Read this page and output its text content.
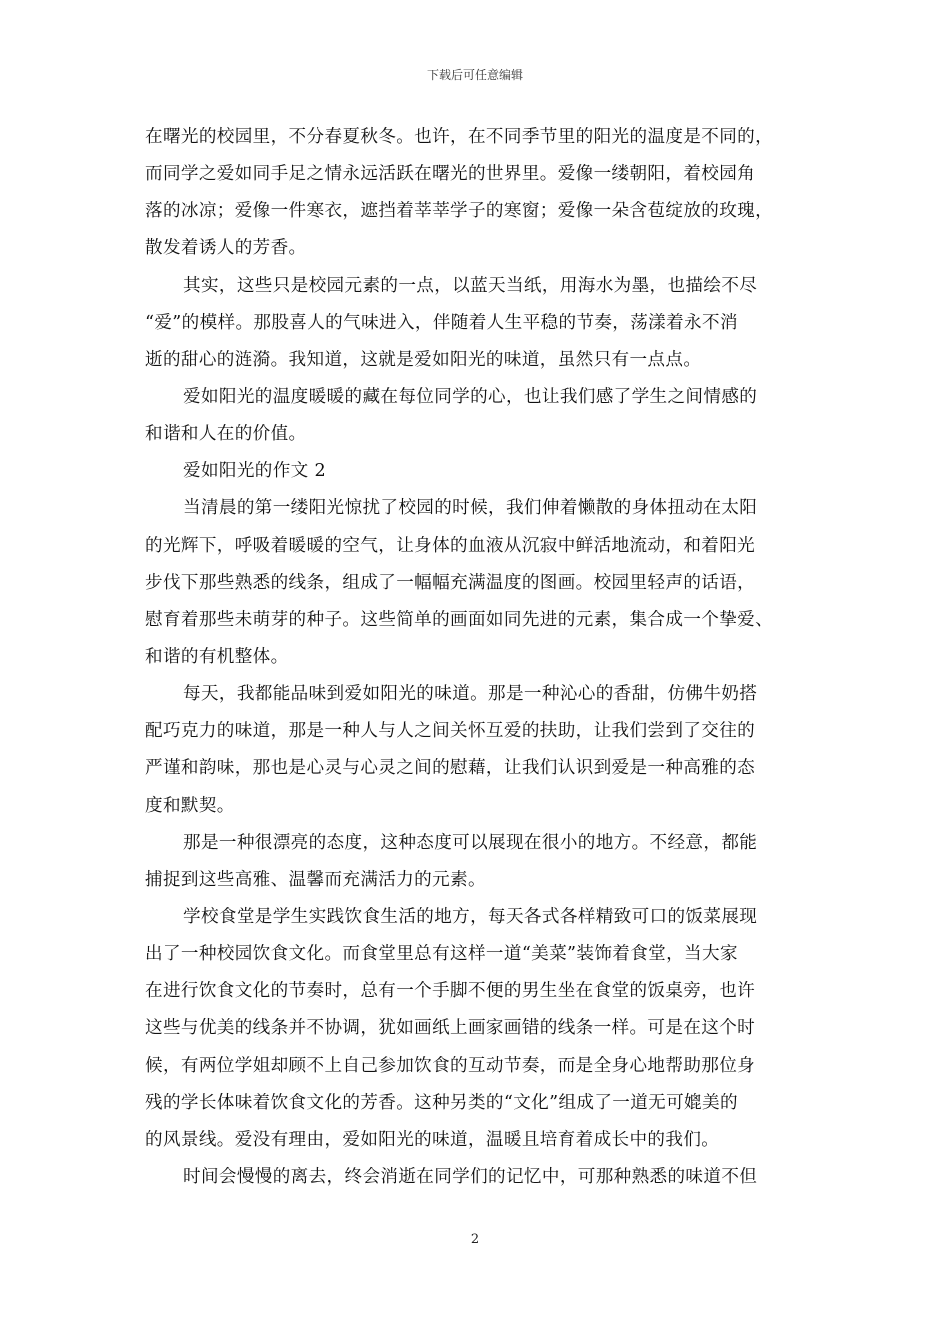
下载后可任意编辑
在曙光的校园里，不分春夏秋冬。也许，在不同季节里的阳光的温度是不同的，
而同学之爱如同手足之情永远活跃在曙光的世界里。爱像一缕朝阳，着校园角
落的冰凉；爱像一件寒衣，遮挡着莘莘学子的寒窗；爱像一朵含苞绽放的玫瑰，
散发着诱人的芳香。
其实，这些只是校园元素的一点，以蓝天当纸，用海水为墨，也描绘不尽
“爱”的模样。那股喜人的气味进入，伴随着人生平稳的节奏，荡漾着永不消
逝的甜心的涟漪。我知道，这就是爱如阳光的味道，虽然只有一点点。
爱如阳光的温度暖暖的藏在每位同学的心，也让我们感了学生之间情感的
和谐和人在的价值。
爱如阳光的作文 2
当清晨的第一缕阳光惊扰了校园的时候，我们伸着懒散的身体扭动在太阳
的光辉下，呼吸着暖暖的空气，让身体的血液从沉寂中鲜活地流动，和着阳光
步伐下那些熟悉的线条，组成了一幅幅充满温度的图画。校园里轻声的话语，
慰育着那些未萌芽的种子。这些简单的画面如同先进的元素，集合成一个挚爱、
和谐的有机整体。
每天，我都能品味到爱如阳光的味道。那是一种沁心的香甜，仿佛牛奶搭
配巧克力的味道，那是一种人与人之间关怀互爱的扶助，让我们尝到了交往的
严谨和韵味，那也是心灵与心灵之间的慰藉，让我们认识到爱是一种高雅的态
度和默契。
那是一种很漂亮的态度，这种态度可以展现在很小的地方。不经意，都能
捕捉到这些高雅、温馨而充满活力的元素。
学校食堂是学生实践饮食生活的地方，每天各式各样精致可口的饭菜展现
出了一种校园饮食文化。而食堂里总有这样一道“美菜”装饰着食堂，当大家
在进行饮食文化的节奏时，总有一个手脚不便的男生坐在食堂的饭桌旁，也许
这些与优美的线条并不协调，犹如画纸上画家画错的线条一样。可是在这个时
候，有两位学姐却顾不上自己参加饮食的互动节奏，而是全身心地帮助那位身
残的学长体味着饮食文化的芳香。这种另类的“文化”组成了一道无可媲美的
的风景线。爱没有理由，爱如阳光的味道，温暖且培育着成长中的我们。
时间会慢慢的离去，终会消逝在同学们的记忆中，可那种熟悉的味道不但
2
